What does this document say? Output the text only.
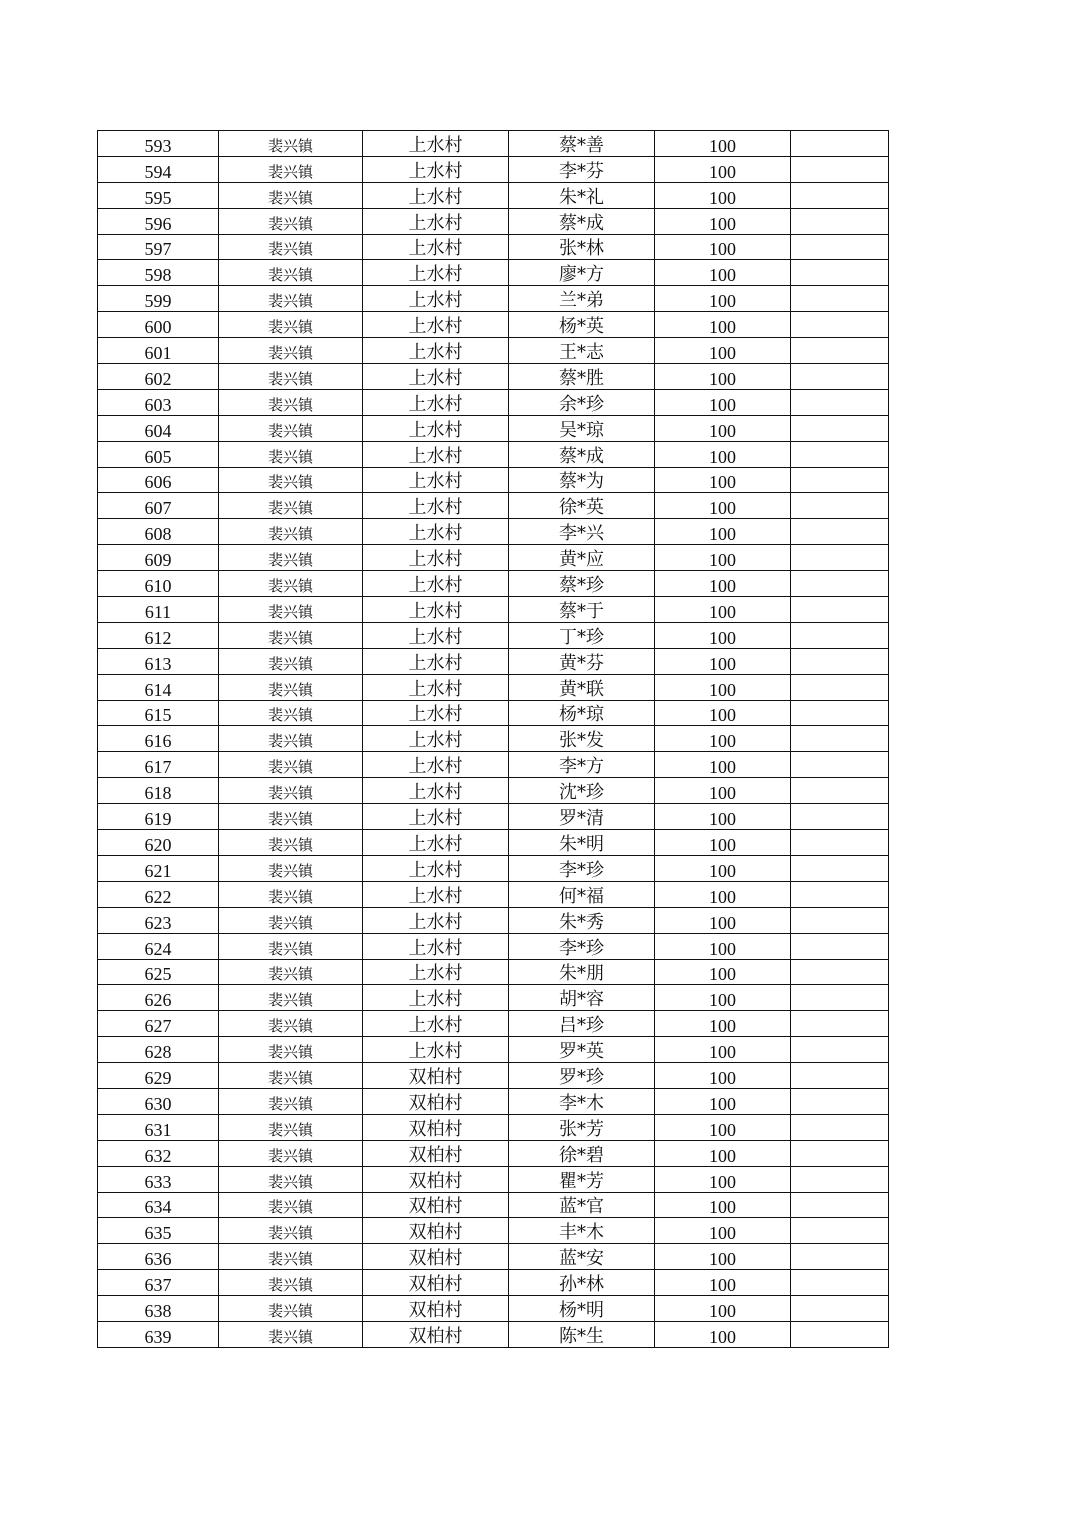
593	裴兴镇	上水村	蔡*善	100	
594	裴兴镇	上水村	李*芬	100	
595	裴兴镇	上水村	朱*礼	100	
596	裴兴镇	上水村	蔡*成	100	
597	裴兴镇	上水村	张*林	100	
598	裴兴镇	上水村	廖*方	100	
599	裴兴镇	上水村	兰*弟	100	
600	裴兴镇	上水村	杨*英	100	
601	裴兴镇	上水村	王*志	100	
602	裴兴镇	上水村	蔡*胜	100	
603	裴兴镇	上水村	余*珍	100	
604	裴兴镇	上水村	吴*琼	100	
605	裴兴镇	上水村	蔡*成	100	
606	裴兴镇	上水村	蔡*为	100	
607	裴兴镇	上水村	徐*英	100	
608	裴兴镇	上水村	李*兴	100	
609	裴兴镇	上水村	黄*应	100	
610	裴兴镇	上水村	蔡*珍	100	
611	裴兴镇	上水村	蔡*于	100	
612	裴兴镇	上水村	丁*珍	100	
613	裴兴镇	上水村	黄*芬	100	
614	裴兴镇	上水村	黄*联	100	
615	裴兴镇	上水村	杨*琼	100	
616	裴兴镇	上水村	张*发	100	
617	裴兴镇	上水村	李*方	100	
618	裴兴镇	上水村	沈*珍	100	
619	裴兴镇	上水村	罗*清	100	
620	裴兴镇	上水村	朱*明	100	
621	裴兴镇	上水村	李*珍	100	
622	裴兴镇	上水村	何*福	100	
623	裴兴镇	上水村	朱*秀	100	
624	裴兴镇	上水村	李*珍	100	
625	裴兴镇	上水村	朱*朋	100	
626	裴兴镇	上水村	胡*容	100	
627	裴兴镇	上水村	吕*珍	100	
628	裴兴镇	上水村	罗*英	100	
629	裴兴镇	双柏村	罗*珍	100	
630	裴兴镇	双柏村	李*木	100	
631	裴兴镇	双柏村	张*芳	100	
632	裴兴镇	双柏村	徐*碧	100	
633	裴兴镇	双柏村	瞿*芳	100	
634	裴兴镇	双柏村	蓝*官	100	
635	裴兴镇	双柏村	丰*木	100	
636	裴兴镇	双柏村	蓝*安	100	
637	裴兴镇	双柏村	孙*林	100	
638	裴兴镇	双柏村	杨*明	100	
639	裴兴镇	双柏村	陈*生	100	
